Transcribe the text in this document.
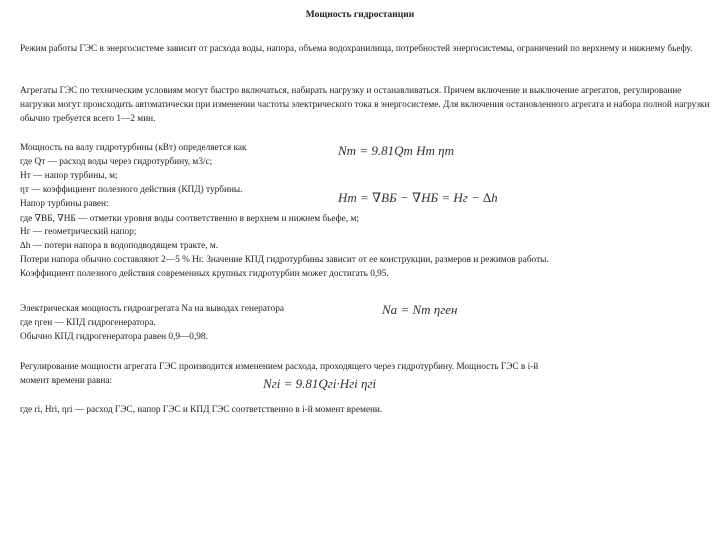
Мощность гидростанции
Режим работы ГЭС в энергосистеме зависит от расхода воды, напора, объема водохранилища, потребностей энергосистемы, ограничений по верхнему и нижнему бьефу.
Агрегаты ГЭС по техническим условиям могут быстро включаться, набирать нагрузку и останавливаться. Причем включение и выключение агрегатов, регулирование нагрузки могут происходить автоматически при изменении частоты электрического тока в энергосистеме. Для включения остановленного агрегата и набора полной нагрузки обычно требуется всего 1—2 мин.
Мощность на валу гидротурбины (кВт) определяется как	Nт = 9.81Qт Hт ηт
где Qт — расход воды через гидротурбину, м3/с;
Hт — напор турбины, м;
ηт — коэффициент полезного действия (КПД) турбины.	Hт = ∇ВБ − ∇НБ = Hг − ∆h
Напор турбины равен:
где ∇ВБ, ∇НБ — отметки уровня воды соответственно в верхнем и нижнем бьефе, м;
Hг — геометрический напор;
∆h — потери напора в водоподводящем тракте, м.
Потери напора обычно составляют 2—5 % Hг. Значение КПД гидротурбины зависит от ее конструкции, размеров и режимов работы.
Коэффициент полезного действия современных крупных гидротурбин может достигать 0,95.
Электрическая мощность гидроагрегата Nа на выводах генератора	Nа = Nт ηген
где ηген — КПД гидрогенератора.
Обычно КПД гидрогенератора равен 0,9—0,98.
Регулирование мощности агрегата ГЭС производится изменением расхода, проходящего через гидротурбину. Мощность ГЭС в i-й
момент времени равна:	Nгi = 9.81Qгi·Hгi ηгi
где ri, Hri, ηri — расход ГЭС, напор ГЭС и КПД ГЭС соответственно в i-й момент времени.
